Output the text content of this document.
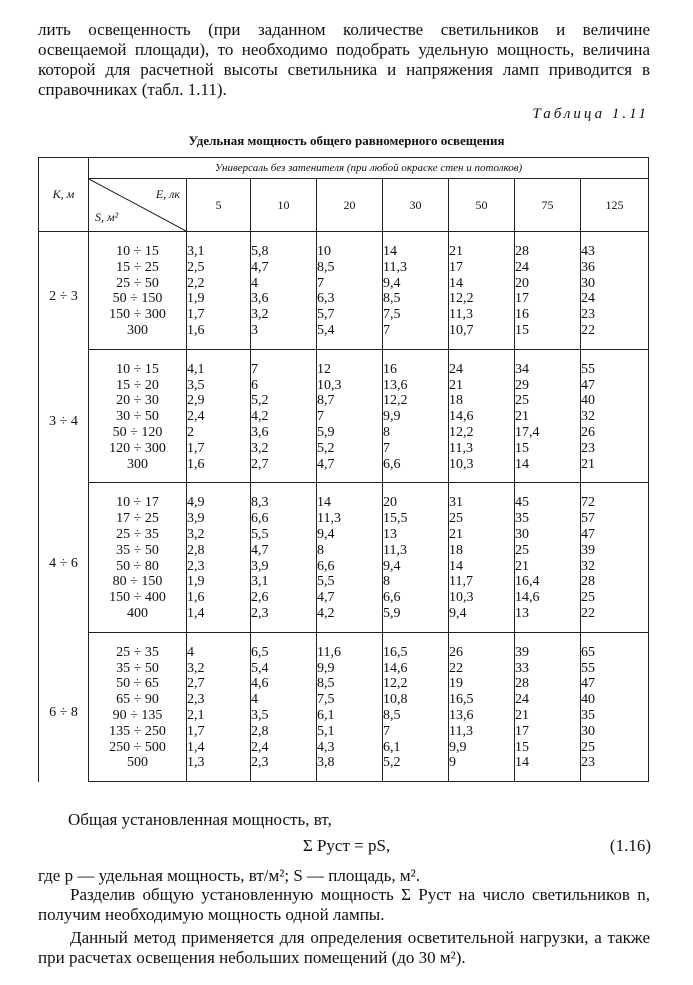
лить освещенность (при заданном количестве светильников и величине освещаемой площади), то необходимо подобрать удельную мощность, величина которой для расчетной высоты светильника и напряжения ламп приводится в справочниках (табл. 1.11).

Таблица 1.11
Удельная мощность общего равномерного освещения
К, м	Универсаль без затенителя (при любой окраске стен и потолков)							

	E, лк
S, м²	5	10	20	30	50	75	125
2 ÷ 3	10 ÷ 15	3,1	5,8	10	14	21	28	43
	15 ÷ 25	2,5	4,7	8,5	11,3	17	24	36
	25 ÷ 50	2,2	4	7	9,4	14	20	30
	50 ÷ 150	1,9	3,6	6,3	8,5	12,2	17	24
	150 ÷ 300	1,7	3,2	5,7	7,5	11,3	16	23
	300	1,6	3	5,4	7	10,7	15	22
3 ÷ 4	10 ÷ 15	4,1	7	12	16	24	34	55
	15 ÷ 20	3,5	6	10,3	13,6	21	29	47
	20 ÷ 30	2,9	5,2	8,7	12,2	18	25	40
	30 ÷ 50	2,4	4,2	7	9,9	14,6	21	32
	50 ÷ 120	2	3,6	5,9	8	12,2	17,4	26
	120 ÷ 300	1,7	3,2	5,2	7	11,3	15	23
	300	1,6	2,7	4,7	6,6	10,3	14	21
4 ÷ 6	10 ÷ 17	4,9	8,3	14	20	31	45	72
	17 ÷ 25	3,9	6,6	11,3	15,5	25	35	57
	25 ÷ 35	3,2	5,5	9,4	13	21	30	47
	35 ÷ 50	2,8	4,7	8	11,3	18	25	39
	50 ÷ 80	2,3	3,9	6,6	9,4	14	21	32
	80 ÷ 150	1,9	3,1	5,5	8	11,7	16,4	28
	150 ÷ 400	1,6	2,6	4,7	6,6	10,3	14,6	25
	400	1,4	2,3	4,2	5,9	9,4	13	22
6 ÷ 8	25 ÷ 35	4	6,5	11,6	16,5	26	39	65
	35 ÷ 50	3,2	5,4	9,9	14,6	22	33	55
	50 ÷ 65	2,7	4,6	8,5	12,2	19	28	47
	65 ÷ 90	2,3	4	7,5	10,8	16,5	24	40
	90 ÷ 135	2,1	3,5	6,1	8,5	13,6	21	35
	135 ÷ 250	1,7	2,8	5,1	7	11,3	17	30
	250 ÷ 500	1,4	2,4	4,3	6,1	9,9	15	25
	500	1,3	2,3	3,8	5,2	9	14	23
Общая установленная мощность, вт,
Σ Pуст = pS,	(1.16)

где p — удельная мощность, вт/м²; S — площадь, м².

Разделив общую установленную мощность Σ Pуст на число светильников n, получим необходимую мощность одной лампы.

Данный метод применяется для определения осветительной нагрузки, а также при расчетах освещения небольших помещений (до 30 м²).
